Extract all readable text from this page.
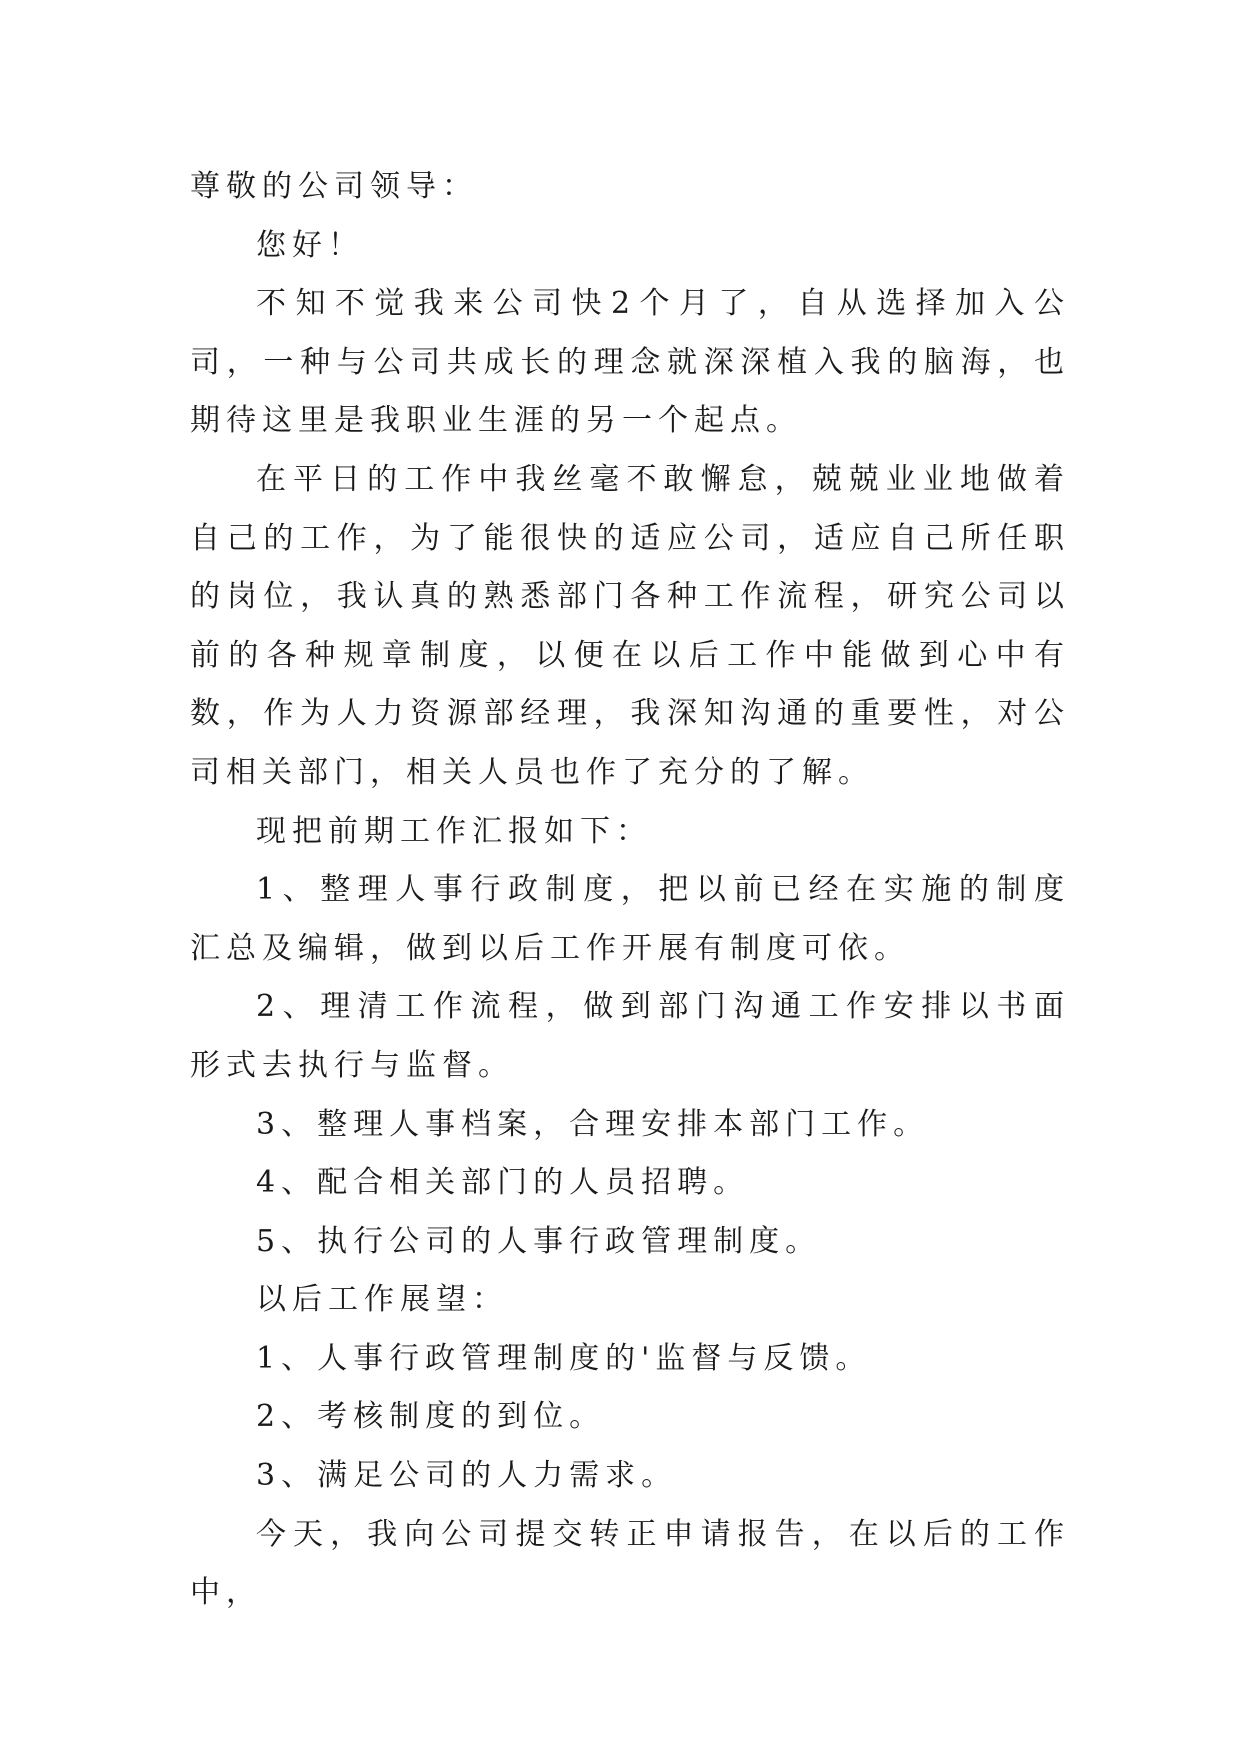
尊敬的公司领导：

您好！

不知不觉我来公司快2个月了，自从选择加入公司，一种与公司共成长的理念就深深植入我的脑海，也期待这里是我职业生涯的另一个起点。

在平日的工作中我丝毫不敢懈怠，兢兢业业地做着自己的工作，为了能很快的适应公司，适应自己所任职的岗位，我认真的熟悉部门各种工作流程，研究公司以前的各种规章制度，以便在以后工作中能做到心中有数，作为人力资源部经理，我深知沟通的重要性，对公司相关部门，相关人员也作了充分的了解。

现把前期工作汇报如下：

1、整理人事行政制度，把以前已经在实施的制度汇总及编辑，做到以后工作开展有制度可依。

2、理清工作流程，做到部门沟通工作安排以书面形式去执行与监督。

3、整理人事档案，合理安排本部门工作。

4、配合相关部门的人员招聘。

5、执行公司的人事行政管理制度。

以后工作展望：

1、人事行政管理制度的'监督与反馈。

2、考核制度的到位。

3、满足公司的人力需求。

今天，我向公司提交转正申请报告，在以后的工作中，
